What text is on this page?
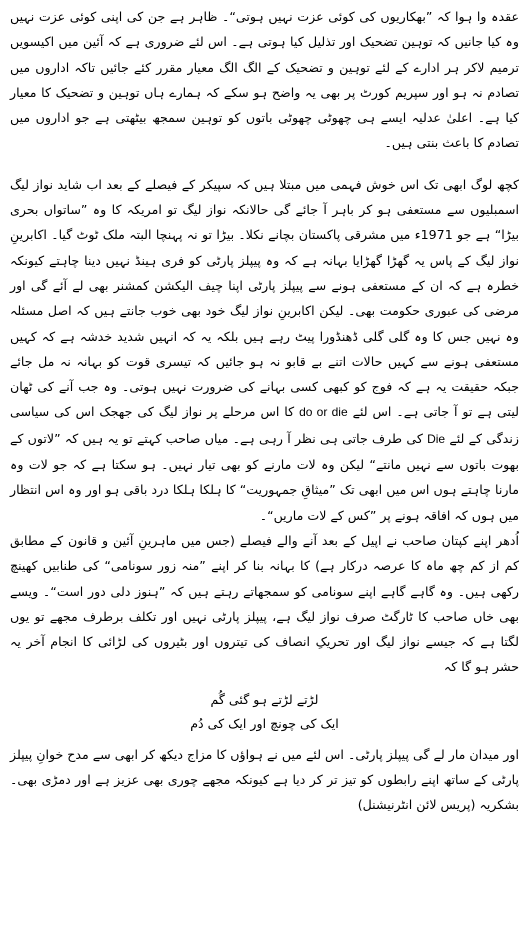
عقدہ وا ہوا کہ ”بھکاریوں کی کوئی عزت نہیں ہوتی“۔ ظاہر ہے جن کی اپنی کوئی عزت نہیں وہ کیا جانیں کہ توہین تضحیک اور تذلیل کیا ہوتی ہے۔ اس لئے ضروری ہے کہ آئین میں اکیسویں ترمیم لاکر ہر ادارے کے لئے توہین و تضحیک کے الگ الگ معیار مقرر کئے جائیں تاکہ اداروں میں تصادم نہ ہو اور سپریم کورٹ پر بھی یہ واضح ہو سکے کہ ہمارے ہاں توہین و تضحیک کا معیار کیا ہے۔ اعلیٰ عدلیہ ایسے ہی چھوٹی چھوٹی باتوں کو توہین سمجھ بیٹھتی ہے جو اداروں میں تصادم کا باعث بنتی ہیں۔

کچھ لوگ ابھی تک اس خوش فہمی میں مبتلا ہیں کہ سپیکر کے فیصلے کے بعد اب شاید نواز لیگ اسمبلیوں سے مستعفی ہو کر باہر آ جائے گی حالانکہ نواز لیگ تو امریکہ کا وہ ”ساتواں بحری بیڑا“ ہے جو 1971ء میں مشرقی پاکستان بچانے نکلا۔ بیڑا تو نہ پہنچا البتہ ملک ٹوٹ گیا۔ اکابرینِ نواز لیگ کے پاس یہ گھڑا گھڑایا بہانہ ہے کہ وہ پیپلز پارٹی کو فری ہینڈ نہیں دینا چاہتے کیونکہ خطرہ ہے کہ ان کے مستعفی ہونے سے پیپلز پارٹی اپنا چیف الیکشن کمشنر بھی لے آئے گی اور مرضی کی عبوری حکومت بھی۔ لیکن اکابرینِ نواز لیگ خود بھی خوب جانتے ہیں کہ اصل مسئلہ وہ نہیں جس کا وہ گلی گلی ڈھنڈورا پیٹ رہے ہیں بلکہ یہ کہ انہیں شدید خدشہ ہے کہ کہیں مستعفی ہونے سے کہیں حالات اتنے بے قابو نہ ہو جائیں کہ تیسری قوت کو بہانہ نہ مل جائے جبکہ حقیقت یہ ہے کہ فوج کو کبھی کسی بہانے کی ضرورت نہیں ہوتی۔ وہ جب آنے کی ٹھان لیتی ہے تو آ جاتی ہے۔ اس لئے do or die کا اس مرحلے پر نواز لیگ کی جھجک اس کی سیاسی زندگی کے لئے Die کی طرف جاتی ہی نظر آ رہی ہے۔ میاں صاحب کہتے تو یہ ہیں کہ ”لاتوں کے بھوت باتوں سے نہیں مانتے“ لیکن وہ لات مارنے کو بھی تیار نہیں۔ ہو سکتا ہے کہ جو لات وہ مارنا چاہتے ہوں اس میں ابھی تک ”میثاقِ جمہوریت“ کا ہلکا ہلکا درد باقی ہو اور وہ اس انتظار میں ہوں کہ افاقہ ہونے پر ”کس کے لات ماریں“۔

اُدھر اپنے کپتان صاحب نے اپیل کے بعد آنے والے فیصلے (جس میں ماہرینِ آئین و قانون کے مطابق کم از کم چھ ماہ کا عرصہ درکار ہے) کا بہانہ بنا کر اپنے ”منہ زور سونامی“ کی طنابیں کھینچ رکھی ہیں۔ وہ گاہے گاہے اپنے سونامی کو سمجھاتے رہتے ہیں کہ ”ہنوز دلی دور است“۔ ویسے بھی خاں صاحب کا ٹارگٹ صرف نواز لیگ ہے، پیپلز پارٹی نہیں اور تکلف برطرف مجھے تو یوں لگتا ہے کہ جیسے نواز لیگ اور تحریکِ انصاف کی تیتروں اور بٹیروں کی لڑائی کا انجام آخر یہ حشر ہو گا کہ

لڑتے لڑتے ہو گئی گُم
ایک کی چونچ اور ایک کی دُم

اور میدان مار لے گی پیپلز پارٹی۔ اس لئے میں نے ہواؤں کا مزاج دیکھ کر ابھی سے مدح خوانِ پیپلز پارٹی کے ساتھ اپنے رابطوں کو تیز تر کر دیا ہے کیونکہ مجھے چوری بھی عزیز ہے اور دمڑی بھی۔ بشکریہ (پریس لائن انٹرنیشنل)
